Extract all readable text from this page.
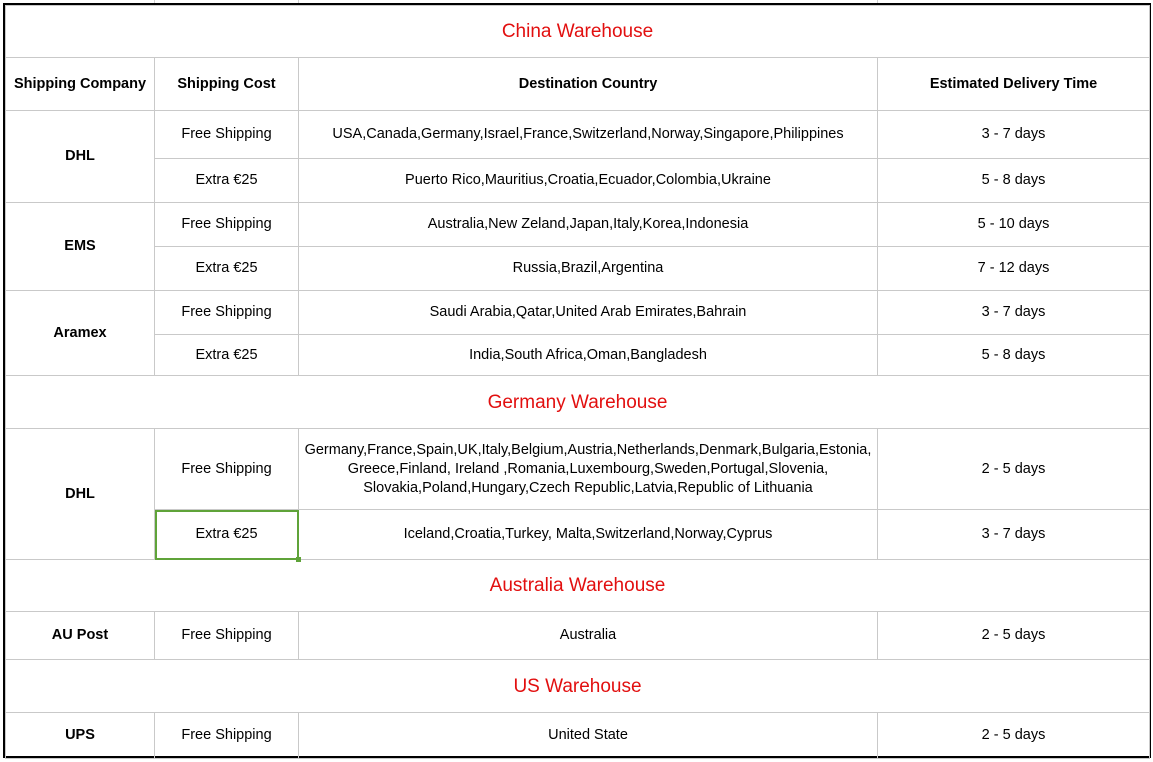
China Warehouse			
Shipping Company	Shipping Cost	Destination Country	Estimated Delivery Time
DHL	Free Shipping	USA,Canada,Germany,Israel,France,Switzerland,Norway,Singapore,Philippines	3 - 7 days
	Extra €25	Puerto Rico,Mauritius,Croatia,Ecuador,Colombia,Ukraine	5 - 8 days
EMS	Free Shipping	Australia,New Zeland,Japan,Italy,Korea,Indonesia	5 - 10 days
	Extra €25	Russia,Brazil,Argentina	7 - 12 days
Aramex	Free Shipping	Saudi Arabia,Qatar,United Arab Emirates,Bahrain	3 - 7 days
	Extra €25	India,South Africa,Oman,Bangladesh	5 - 8 days
Germany Warehouse			
DHL	Free Shipping	Germany,France,Spain,UK,Italy,Belgium,Austria,Netherlands,Denmark,Bulgaria,Estonia, Greece,Finland, Ireland ,Romania,Luxembourg,Sweden,Portugal,Slovenia, Slovakia,Poland,Hungary,Czech Republic,Latvia,Republic of Lithuania	2 - 5 days
	Extra €25	Iceland,Croatia,Turkey, Malta,Switzerland,Norway,Cyprus	3 - 7 days
Australia Warehouse			
AU Post	Free Shipping	Australia	2 - 5 days
US Warehouse			
UPS	Free Shipping	United State	2 - 5 days
